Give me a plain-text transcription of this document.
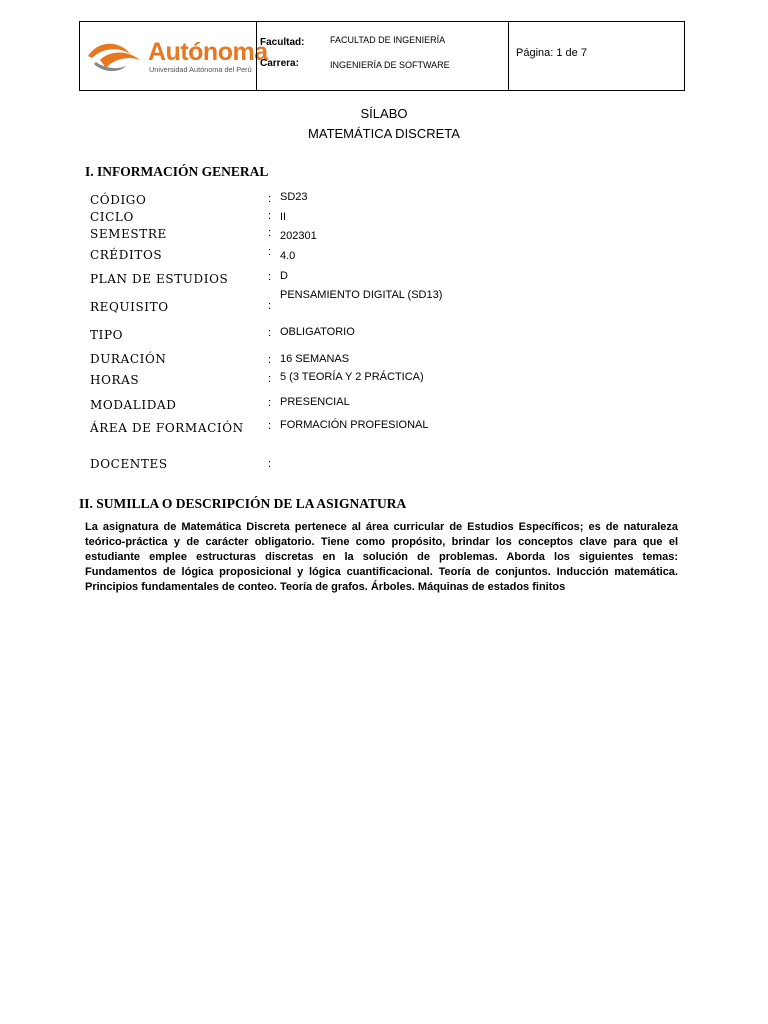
Autónoma
Universidad Autónoma del Perú
Facultad:	FACULTAD DE INGENIERÍA
Carrera:	INGENIERÍA DE SOFTWARE
Página: 1 de 7
SÍLABO
MATEMÁTICA DISCRETA
I. INFORMACIÓN GENERAL
CÓDIGO	: SD23
CICLO	: II
SEMESTRE	: 202301
CRÉDITOS	: 4.0
PLAN DE ESTUDIOS	: D
REQUISITO	:
PENSAMIENTO DIGITAL (SD13)
TIPO	: OBLIGATORIO
DURACIÓN	: 16 SEMANAS
HORAS	: 5 (3 TEORÍA Y 2 PRÁCTICA)
MODALIDAD	: PRESENCIAL
ÁREA DE FORMACIÓN : FORMACIÓN PROFESIONAL
DOCENTES	:
II. SUMILLA O DESCRIPCIÓN DE LA ASIGNATURA
La asignatura de Matemática Discreta pertenece al área curricular de Estudios Específicos; es de naturaleza teórico-práctica y de carácter obligatorio. Tiene como propósito, brindar los conceptos clave para que el estudiante emplee estructuras discretas en la solución de problemas. Aborda los siguientes temas: Fundamentos de lógica proposicional y lógica cuantificacional. Teoría de conjuntos. Inducción matemática. Principios fundamentales de conteo. Teoría de grafos. Árboles. Máquinas de estados finitos
